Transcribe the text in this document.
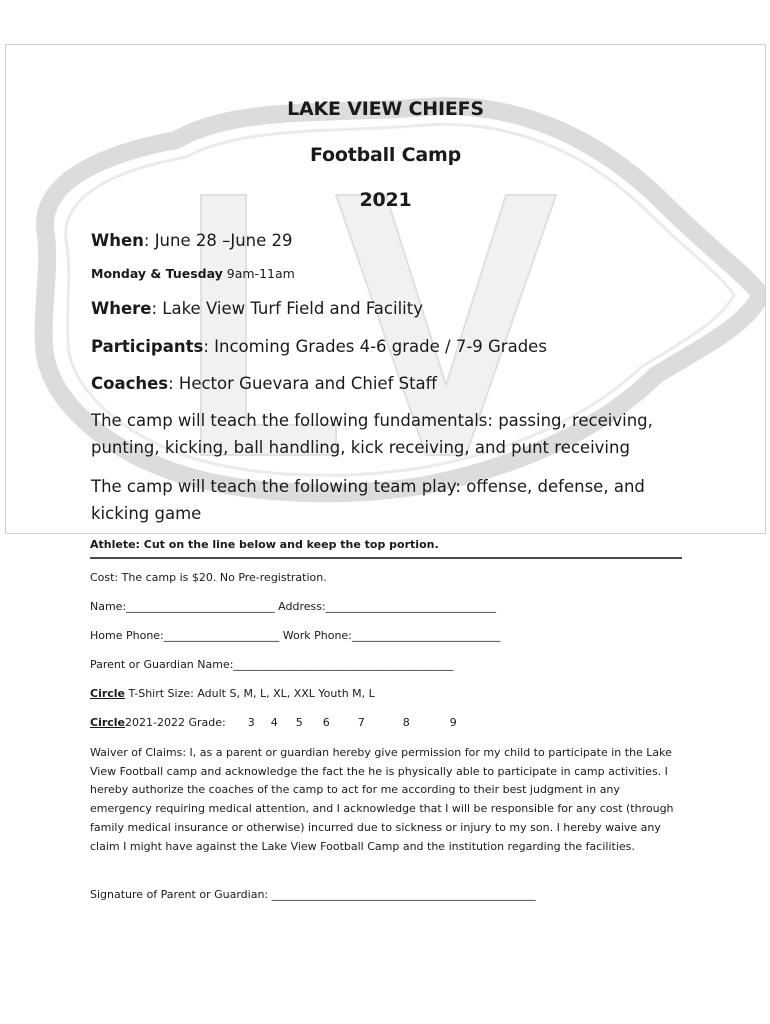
LAKE VIEW CHIEFS
Football Camp
2021
When: June 28 –June 29
Monday & Tuesday 9am-11am
Where: Lake View Turf Field and Facility
Participants: Incoming Grades 4-6 grade / 7-9 Grades
Coaches: Hector Guevara and Chief Staff
The camp will teach the following fundamentals: passing, receiving, punting, kicking, ball handling, kick receiving, and punt receiving
The camp will teach the following team play: offense, defense, and kicking game
Athlete: Cut on the line below and keep the top portion.
Cost: The camp is $20. No Pre-registration.
Name:___________________________ Address:_______________________________
Home Phone:_____________________ Work Phone:___________________________
Parent or Guardian Name:________________________________________
Circle T-Shirt Size: Adult S, M, L, XL, XXL Youth M, L
Circle2021-2022 Grade: 3 4 5 6	7	8	9
Waiver of Claims: I, as a parent or guardian hereby give permission for my child to participate in the Lake View Football camp and acknowledge the fact the he is physically able to participate in camp activities. I hereby authorize the coaches of the camp to act for me according to their best judgment in any emergency requiring medical attention, and I acknowledge that I will be responsible for any cost (through family medical insurance or otherwise) incurred due to sickness or injury to my son. I hereby waive any claim I might have against the Lake View Football Camp and the institution regarding the facilities.
Signature of Parent or Guardian: ________________________________________________
